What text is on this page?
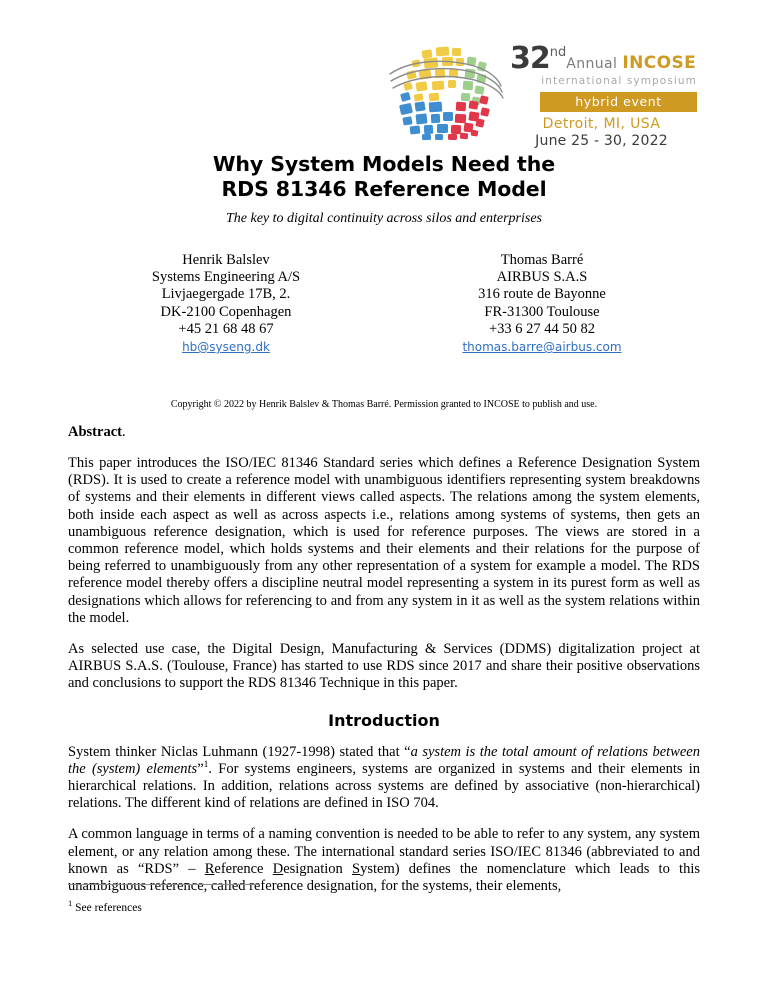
32ndAnnual INCOSE
international symposium
hybrid event
Detroit, MI, USA
June 25 - 30, 2022
Why System Models Need the
RDS 81346 Reference Model

The key to digital continuity across silos and enterprises

Henrik Balslev
Systems Engineering A/S
Livjaegergade 17B, 2.
DK-2100 Copenhagen
+45 21 68 48 67
hb@syseng.dk
Thomas Barré
AIRBUS S.A.S
316 route de Bayonne
FR-31300 Toulouse
+33 6 27 44 50 82
thomas.barre@airbus.com
Copyright © 2022 by Henrik Balslev & Thomas Barré. Permission granted to INCOSE to publish and use.

Abstract.

This paper introduces the ISO/IEC 81346 Standard series which defines a Reference Designation System (RDS). It is used to create a reference model with unambiguous identifiers representing system breakdowns of systems and their elements in different views called aspects. The relations among the system elements, both inside each aspect as well as across aspects i.e., relations among systems of systems, then gets an unambiguous reference designation, which is used for reference purposes. The views are stored in a common reference model, which holds systems and their elements and their relations for the purpose of being referred to unambiguously from any other representation of a system for example a model. The RDS reference model thereby offers a discipline neutral model representing a system in its purest form as well as designations which allows for referencing to and from any system in it as well as the system relations within the model.

As selected use case, the Digital Design, Manufacturing & Services (DDMS) digitalization project at AIRBUS S.A.S. (Toulouse, France) has started to use RDS since 2017 and share their positive observations and conclusions to support the RDS 81346 Technique in this paper.

Introduction

System thinker Niclas Luhmann (1927-1998) stated that “a system is the total amount of relations between the (system) elements”$^1$. For systems engineers, systems are organized in systems and their elements in hierarchical relations. In addition, relations across systems are defined by associative (non-hierarchical) relations. The different kind of relations are defined in ISO 704.

A common language in terms of a naming convention is needed to be able to refer to any system, any system element, or any relation among these. The international standard series ISO/IEC 81346 (abbreviated to and known as “RDS” – Reference Designation System) defines the nomenclature which leads to this unambiguous reference, called reference designation, for the systems, their elements,

$^1$ See references
